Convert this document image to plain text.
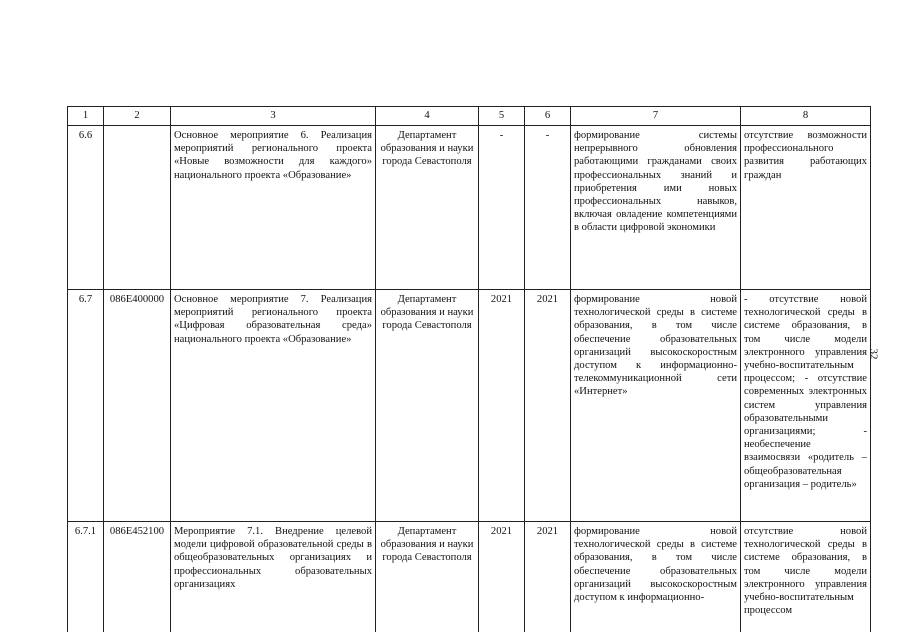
32
1	2	3	4	5	6	7	8
6.6		Основное мероприятие 6. Реализация мероприятий регионального проекта «Новые возможности для каждого» национального проекта «Образование»	Департамент образования и науки города Севастополя	-	-	формирование системы непрерывного обновления работающими гражданами своих профессиональных знаний и приобретения ими новых профессиональных навыков, включая овладение компетенциями в области цифровой экономики	отсутствие возможности профессионального развития работающих граждан
6.7	086E400000	Основное мероприятие 7. Реализация мероприятий регионального проекта «Цифровая образовательная среда» национального проекта «Образование»	Департамент образования и науки города Севастополя	2021	2021	формирование новой технологической среды в системе образования, в том числе обеспечение образовательных организаций высокоскоростным доступом к информационно-телекоммуникационной сети «Интернет»	- отсутствие новой технологической среды в системе образования, в том числе модели электронного управления учебно-воспитательным процессом; - отсутствие современных электронных систем управления образовательными организациями; - необеспечение взаимосвязи «родитель – общеобразовательная организация – родитель»
6.7.1	086E452100	Мероприятие 7.1. Внедрение целевой модели цифровой образовательной среды в общеобразовательных организациях и профессиональных образовательных организациях	Департамент образования и науки города Севастополя	2021	2021	формирование новой технологической среды в системе образования, в том числе обеспечение образовательных организаций высокоскоростным доступом к информационно-	отсутствие новой технологической среды в системе образования, в том числе модели электронного управления учебно-воспитательным процессом
